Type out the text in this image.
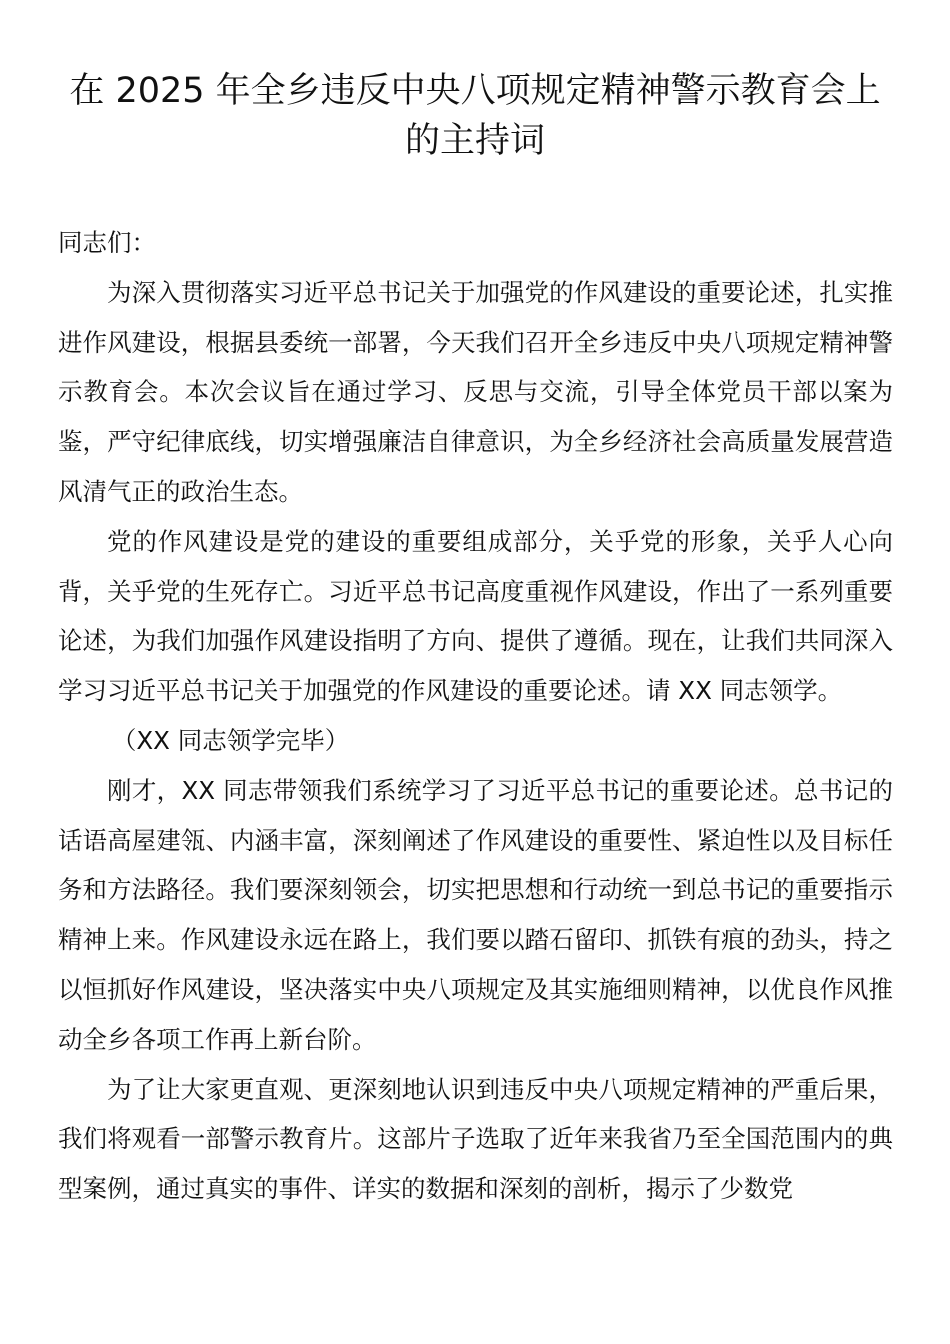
在 2025 年全乡违反中央八项规定精神警示教育会上的主持词

同志们：

为深入贯彻落实习近平总书记关于加强党的作风建设的重要论述，扎实推进作风建设，根据县委统一部署，今天我们召开全乡违反中央八项规定精神警示教育会。本次会议旨在通过学习、反思与交流，引导全体党员干部以案为鉴，严守纪律底线，切实增强廉洁自律意识，为全乡经济社会高质量发展营造风清气正的政治生态。

党的作风建设是党的建设的重要组成部分，关乎党的形象，关乎人心向背，关乎党的生死存亡。习近平总书记高度重视作风建设，作出了一系列重要论述，为我们加强作风建设指明了方向、提供了遵循。现在，让我们共同深入学习习近平总书记关于加强党的作风建设的重要论述。请 XX 同志领学。

（XX 同志领学完毕）

刚才，XX 同志带领我们系统学习了习近平总书记的重要论述。总书记的话语高屋建瓴、内涵丰富，深刻阐述了作风建设的重要性、紧迫性以及目标任务和方法路径。我们要深刻领会，切实把思想和行动统一到总书记的重要指示精神上来。作风建设永远在路上，我们要以踏石留印、抓铁有痕的劲头，持之以恒抓好作风建设，坚决落实中央八项规定及其实施细则精神，以优良作风推动全乡各项工作再上新台阶。

为了让大家更直观、更深刻地认识到违反中央八项规定精神的严重后果，我们将观看一部警示教育片。这部片子选取了近年来我省乃至全国范围内的典型案例，通过真实的事件、详实的数据和深刻的剖析，揭示了少数党
